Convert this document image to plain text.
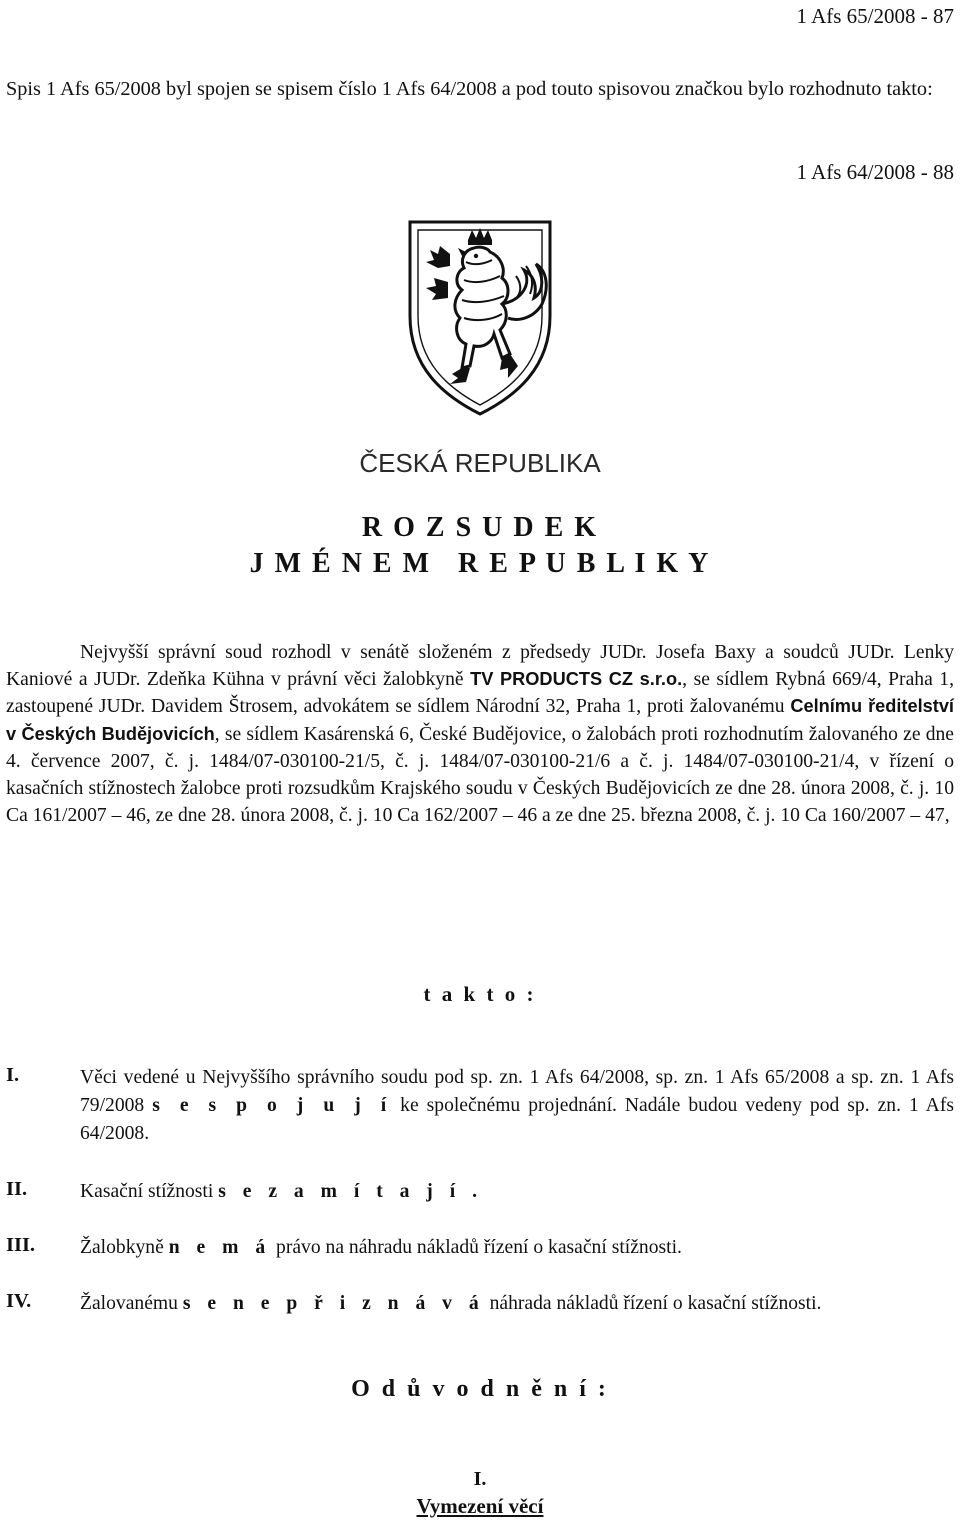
1 Afs 65/2008 - 87
Spis 1 Afs 65/2008 byl spojen se spisem číslo 1 Afs 64/2008 a pod touto spisovou značkou bylo rozhodnuto takto:
1 Afs 64/2008 - 88
ČESKÁ REPUBLIKA
R O Z S U D E K
J M É N E M   R E P U B L I K Y
Nejvyšší správní soud rozhodl v senátě složeném z předsedy JUDr. Josefa Baxy a soudců JUDr. Lenky Kaniové a JUDr. Zdeňka Kühna v právní věci žalobkyně TV PRODUCTS CZ s.r.o., se sídlem Rybná 669/4, Praha 1, zastoupené JUDr. Davidem Štrosem, advokátem se sídlem Národní 32, Praha 1, proti žalovanému Celnímu ředitelství v Českých Budějovicích, se sídlem Kasárenská 6, České Budějovice, o žalobách proti rozhodnutím žalovaného ze dne 4. července 2007, č. j. 1484/07-030100-21/5, č. j. 1484/07-030100-21/6 a č. j. 1484/07-030100-21/4, v řízení o kasačních stížnostech žalobce proti rozsudkům Krajského soudu v Českých Budějovicích ze dne 28. února 2008, č. j. 10 Ca 161/2007 – 46, ze dne 28. února 2008, č. j. 10 Ca 162/2007 – 46 a ze dne 25. března 2008, č. j. 10 Ca 160/2007 – 47,
t a k t o :
I.	Věci vedené u Nejvyššího správního soudu pod sp. zn. 1 Afs 64/2008, sp. zn. 1 Afs 65/2008 a sp. zn. 1 Afs 79/2008 s e s p o j u j í ke společnému projednání. Nadále budou vedeny pod sp. zn. 1 Afs 64/2008.
II.	Kasační stížnosti s e z a m í t a j í .
III. Žalobkyně n e m á právo na náhradu nákladů řízení o kasační stížnosti.
IV. Žalovanému s e n e p ř i z n á v á náhrada nákladů řízení o kasační stížnosti.
O d ů v o d n ě n í :
I.
Vymezení věcí
